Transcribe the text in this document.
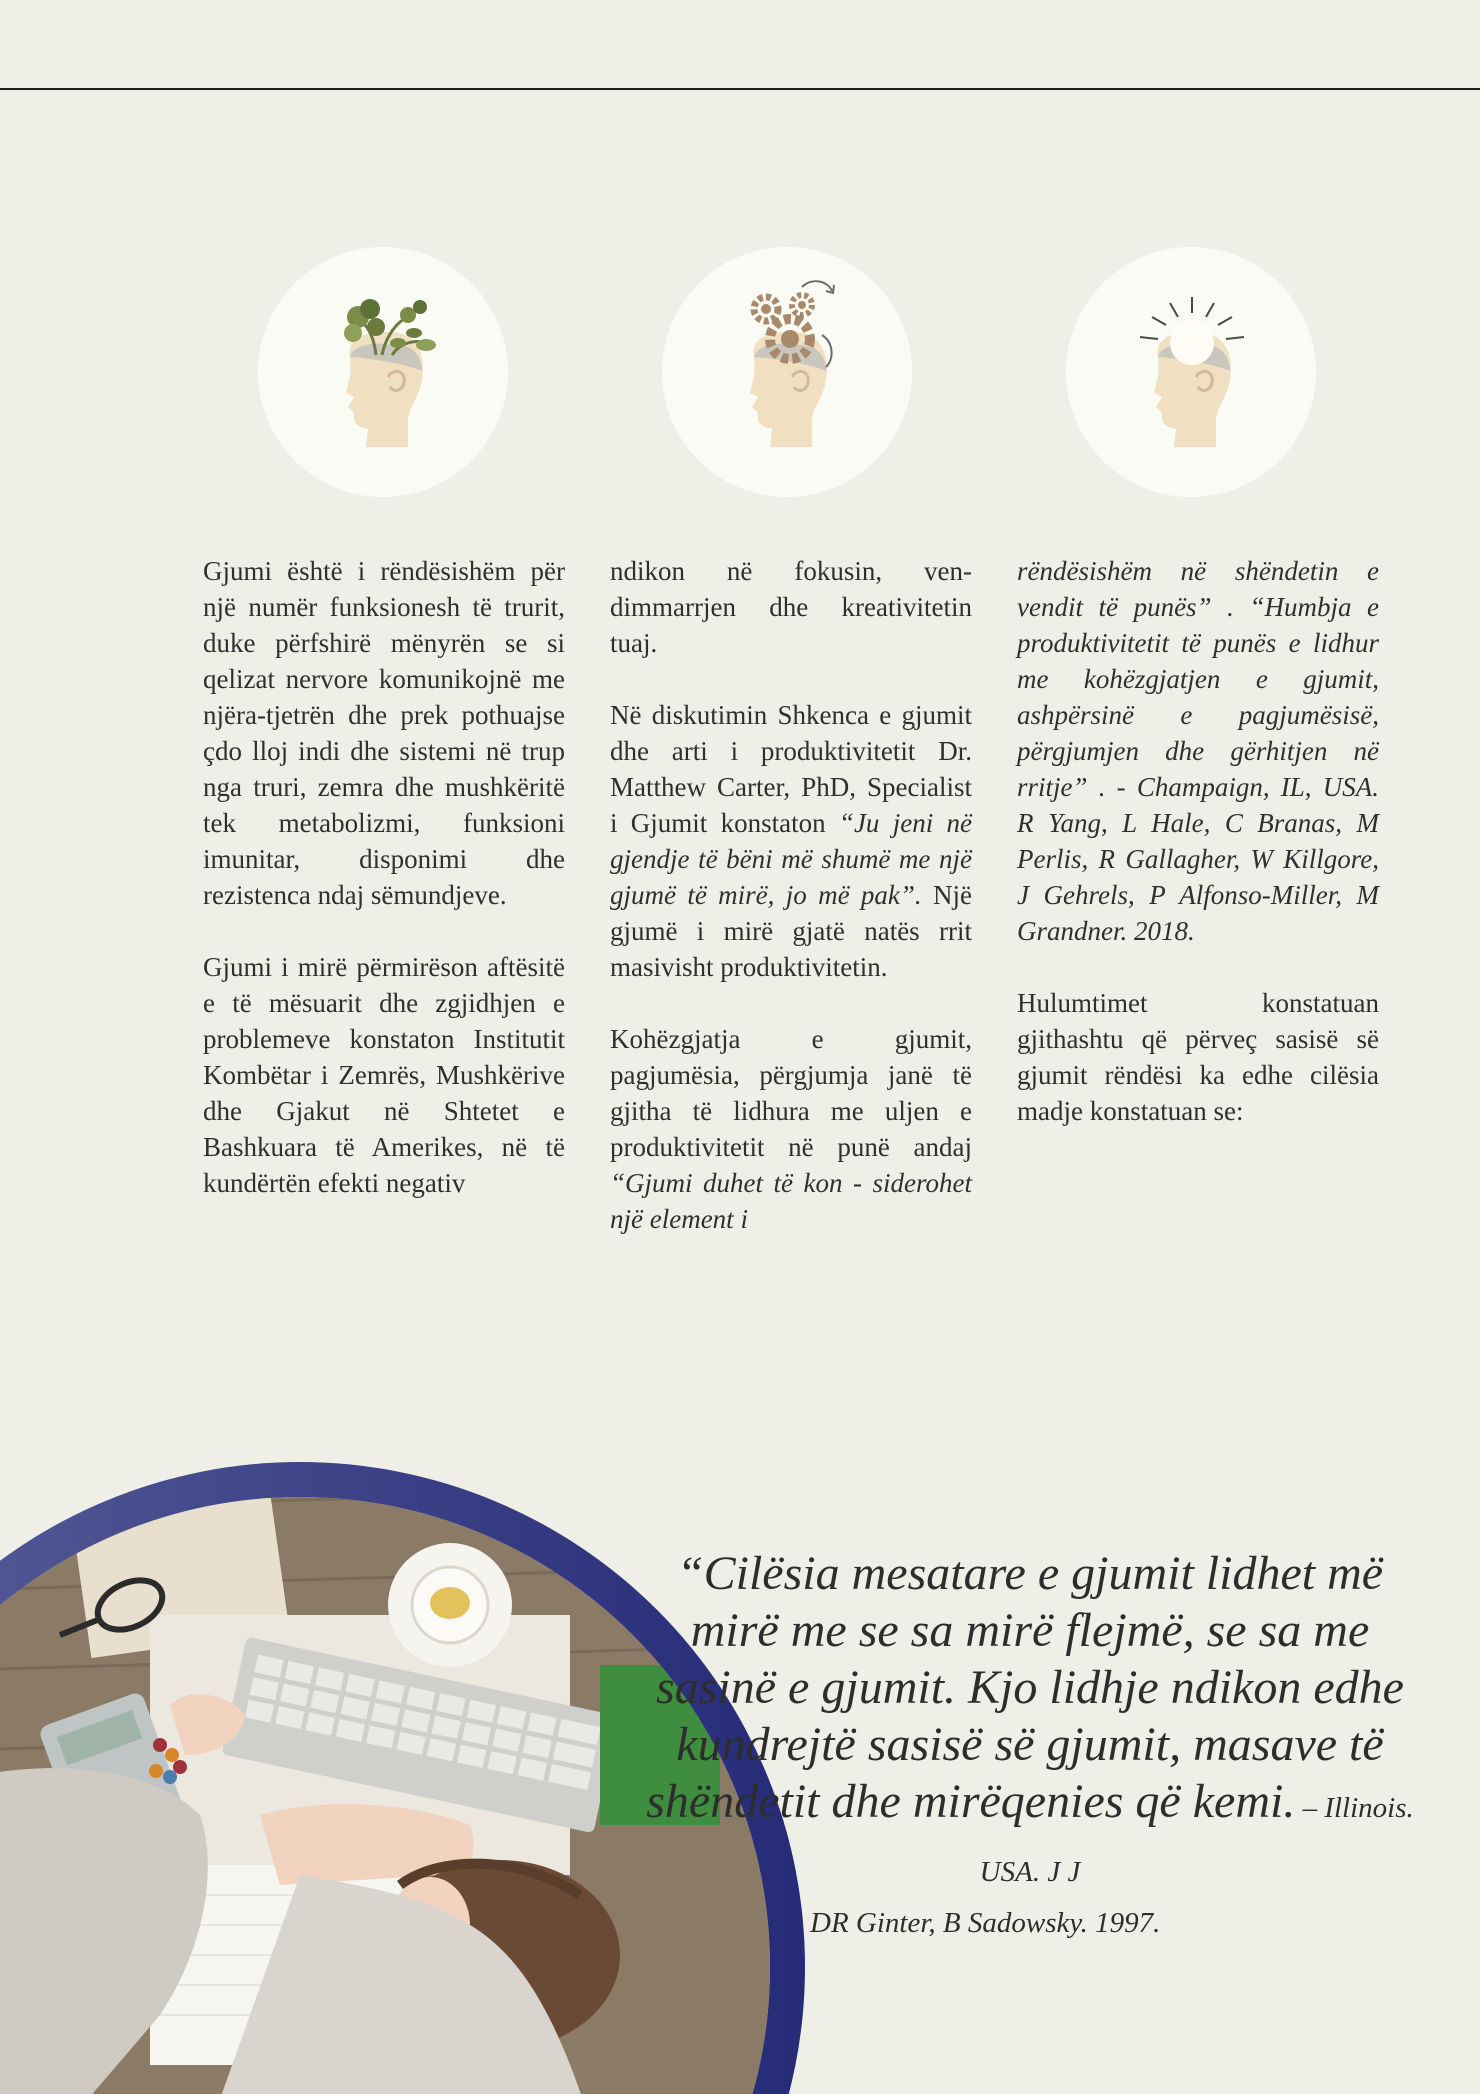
Gjumi është i rëndësishëm për një numër funksionesh të trurit, duke përfshirë mënyrën se si qelizat nervore komunikojnë me njëra-tjetrën dhe prek pothuajse çdo lloj indi dhe sistemi në trup nga truri, zemra dhe mushkëritë tek metabolizmi, funksioni imunitar, disponimi dhe rezistenca ndaj sëmundjeve.

Gjumi i mirë përmirëson aftësitë e të mësuarit dhe zgjidhjen e problemeve konstaton Institutit Kombëtar i Zemrës, Mushkërive dhe Gjakut në Shtetet e Bashkuara të Amerikes, në të kundërtën efekti negativ

ndikon në fokusin, vendimmarrjen dhe kreativitetin tuaj.

Në diskutimin Shkenca e gjumit dhe arti i produktivitetit Dr. Matthew Carter, PhD, Specialist i Gjumit konstaton “Ju jeni në gjendje të bëni më shumë me një gjumë të mirë, jo më pak”. Një gjumë i mirë gjatë natës rrit masivisht produktivitetin.

Kohëzgjatja e gjumit, pagjumësia, përgjumja janë të gjitha të lidhura me uljen e produktivitetit në punë andaj “Gjumi duhet të kon - siderohet një element i

rëndësishëm në shëndetin e vendit të punës” . “Humbja e produktivitetit të punës e lidhur me kohëzgjatjen e gjumit, ashpërsinë e pagjumësisë, përgjumjen dhe gërhitjen në rritje” . - Champaign, IL, USA. R Yang, L Hale, C Branas, M Perlis, R Gallagher, W Killgore, J Gehrels, P Alfonso-Miller, M Grandner. 2018.

Hulumtimet konstatuan gjithashtu që përveç sasisë së gjumit rëndësi ka edhe cilësia madje konstatuan se:

“Cilësia mesatare e gjumit lidhet më mirë me se sa mirë flejmë, se sa me sasinë e gjumit. Kjo lidhje ndikon edhe kundrejtë sasisë së gjumit, masave të shëndetit dhe mirëqenies që kemi. – Illinois. USA. J J
DR Ginter, B Sadowsky. 1997.
